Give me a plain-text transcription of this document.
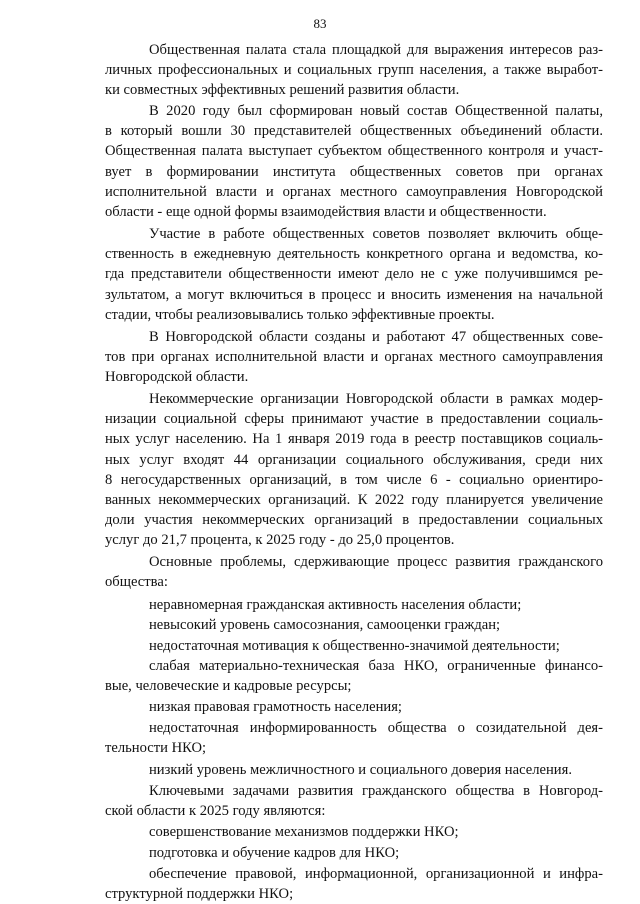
83
Общественная палата стала площадкой для выражения интересов раз-
личных профессиональных и социальных групп населения, а также выработ-
ки совместных эффективных решений развития области.
В 2020 году был сформирован новый состав Общественной палаты,
в который вошли 30 представителей общественных объединений области.
Общественная палата выступает субъектом общественного контроля и участ-
вует в формировании института общественных советов при органах
исполнительной власти и органах местного самоуправления Новгородской
области - еще одной формы взаимодействия власти и общественности.
Участие в работе общественных советов позволяет включить обще-
ственность в ежедневную деятельность конкретного органа и ведомства, ко-
гда представители общественности имеют дело не с уже получившимся ре-
зультатом, а могут включиться в процесс и вносить изменения на начальной
стадии, чтобы реализовывались только эффективные проекты.
В Новгородской области созданы и работают 47 общественных сове-
тов при органах исполнительной власти и органах местного самоуправления
Новгородской области.
Некоммерческие организации Новгородской области в рамках модер-
низации социальной сферы принимают участие в предоставлении социаль-
ных услуг населению. На 1 января 2019 года в реестр поставщиков социаль-
ных услуг входят 44 организации социального обслуживания, среди них
8 негосударственных организаций, в том числе 6 - социально ориентиро-
ванных некоммерческих организаций. К 2022 году планируется увеличение
доли участия некоммерческих организаций в предоставлении социальных
услуг до 21,7 процента, к 2025 году - до 25,0 процентов.
Основные проблемы, сдерживающие процесс развития гражданского
общества:
неравномерная гражданская активность населения области;
невысокий уровень самосознания, самооценки граждан;
недостаточная мотивация к общественно-значимой деятельности;
слабая материально-техническая база НКО, ограниченные финансо-
вые, человеческие и кадровые ресурсы;
низкая правовая грамотность населения;
недостаточная информированность общества о созидательной дея-
тельности НКО;
низкий уровень межличностного и социального доверия населения.
Ключевыми задачами развития гражданского общества в Новгород-
ской области к 2025 году являются:
совершенствование механизмов поддержки НКО;
подготовка и обучение кадров для НКО;
обеспечение правовой, информационной, организационной и инфра-
структурной поддержки НКО;
